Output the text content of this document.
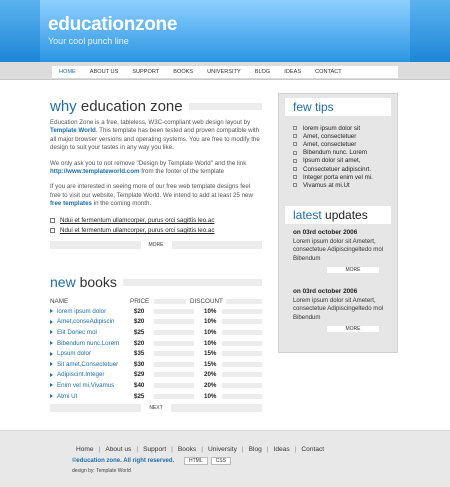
educationzone
Your cool punch line
HOME	ABOUT US	SUPPORT	BOOKS	UNIVERSITY	BLOG	IDEAS	CONTACT
why education zone

Education Zone is a free, tableless, W3C-compliant web design layout by Template World. This template has been tested and proven compatible with all major browser versions and operating systems. You are free to modify the design to suit your tastes in any way you like.

We only ask you to not remove "Design by Template World" and the link http://www.templateworld.com from the footer of the template

If you are interested in seeing more of our free web template designs feel free to visit our website, Template World. We intend to add at least 25 new free templates in the coming month.

Ndui et fermentum ullamcorper, purus orci sagittis leo.ac
Ndui et fermentum ullamcorper, purus orci sagittis leo.ac
MORE
new books
NAME	PRICE	DISCOUNT
lorem ipsum dolor	$20	10%
Amet,conseAdipiscin	$20	10%
Elit Donec mol	$25	10%
Bibendum nunc.Lorem $20	10%
Lpsum dolor	$35	15%
Sit amet,Consectetuer	$30	15%
Adipiscint.Integer	$29	20%
Enim vel mi.Vivamus	$40	20%
Atmi Ut	$25	10%
NEXT
few tips
lorem ipsum dolor sit
Amet, consectetuer
Amet, consectetuer
Bibendum nunc. Lorem
Ipsum dolor sit amet,
Consectetuer adipiscinrt.
Integer porta enim vel mi.
Vivamus at mi.Ut
latest updates
on 03rd october 2006
Lorem ipsum dolor sit Ametert, consectetue Adipiscingeltedo mol Bibendum
MORE
on 03rd october 2006
Lorem ipsum dolor sit Ametert, consectetue Adipiscingeltedo mol Bibendum
MORE
Home | About us | Support | Books | University | Blog | Ideas | Contact
©education zone. All right reserved.	HTML	CSS
design by: Template World
